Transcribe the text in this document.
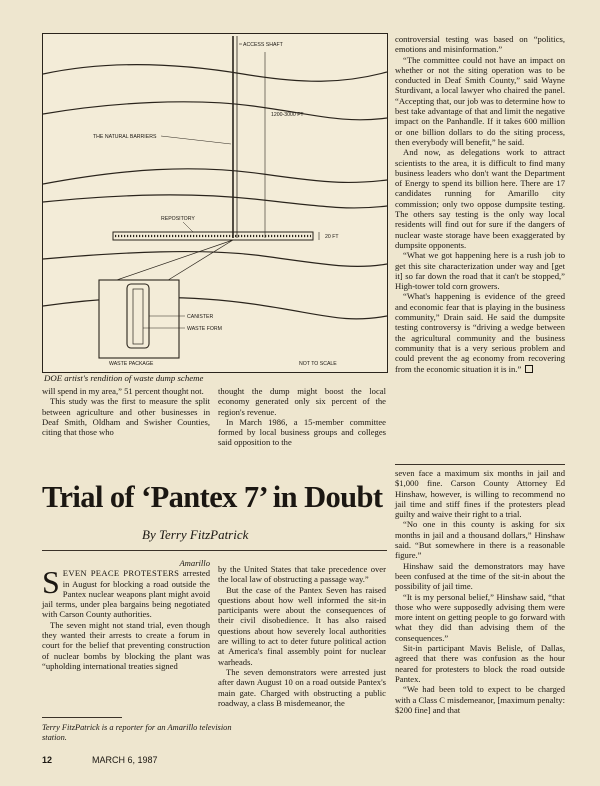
ACCESS SHAFT
1200-3000 FT
THE NATURAL BARRIERS
REPOSITORY
20 FT
CANISTER
WASTE FORM
WASTE PACKAGE	NOT TO SCALE
DOE artist's rendition of waste dump scheme

will spend in my area,” 51 percent thought not.

This study was the first to measure the split between agriculture and other businesses in Deaf Smith, Oldham and Swisher Counties, citing that those who

thought the dump might boost the local economy generated only six percent of the region's revenue.

In March 1986, a 15-member committee formed by local business groups and colleges said opposition to the

controversial testing was based on “politics, emotions and misinformation.”

“The committee could not have an impact on whether or not the siting operation was to be conducted in Deaf Smith County,” said Wayne Sturdivant, a local lawyer who chaired the panel. “Accepting that, our job was to determine how to best take advantage of that and limit the negative impact on the Panhandle. If it takes 600 million or one billion dollars to do the siting process, then everybody will benefit,” he said.

And now, as delegations work to attract scientists to the area, it is difficult to find many business leaders who don't want the Department of Energy to spend its billion here. There are 17 candidates running for Amarillo city commission; only two oppose dumpsite testing. The others say testing is the only way local residents will find out for sure if the dangers of nuclear waste storage have been exaggerated by dumpsite opponents.

“What we got happening here is a rush job to get this site characterization under way and [get it] so far down the road that it can't be stopped,” High-tower told corn growers.

“What's happening is evidence of the greed and economic fear that is playing in the business community,” Drain said. He said the dumpsite testing controversy is “driving a wedge between the agricultural community and the business community that is a very serious problem and could prevent the ag economy from recovering from the economic situation it is in.”

Trial of ‘Pantex 7’ in Doubt
By Terry FitzPatrick

Amarillo

SEVEN PEACE PROTESTERS arrested in August for blocking a road outside the Pantex nuclear weapons plant might avoid jail terms, under plea bargains being negotiated with Carson County authorities.

The seven might not stand trial, even though they wanted their arrests to create a forum in court for the belief that preventing construction of nuclear bombs by blocking the plant was “upholding international treaties signed

Terry FitzPatrick is a reporter for an Amarillo television station.

by the United States that take precedence over the local law of obstructing a passage way.”

But the case of the Pantex Seven has raised questions about how well informed the sit-in participants were about the consequences of their civil disobedience. It has also raised questions about how severely local authorities are willing to act to deter future political action at America's final assembly point for nuclear warheads.

The seven demonstrators were arrested just after dawn August 10 on a road outside Pantex's main gate. Charged with obstructing a public roadway, a class B misdemeanor, the

seven face a maximum six months in jail and $1,000 fine. Carson County Attorney Ed Hinshaw, however, is willing to recommend no jail time and stiff fines if the protesters plead guilty and waive their right to a trial.

“No one in this county is asking for six months in jail and a thousand dollars,” Hinshaw said. “But somewhere in there is a reasonable figure.”

Hinshaw said the demonstrators may have been confused at the time of the sit-in about the possibility of jail time.

“It is my personal belief,” Hinshaw said, “that those who were supposedly advising them were more intent on getting people to go forward with what they did than advising them of the consequences.”

Sit-in participant Mavis Belisle, of Dallas, agreed that there was confusion as the hour neared for protesters to block the road outside Pantex.

“We had been told to expect to be charged with a Class C misdemeanor, [maximum penalty: $200 fine] and that

12	MARCH 6, 1987
